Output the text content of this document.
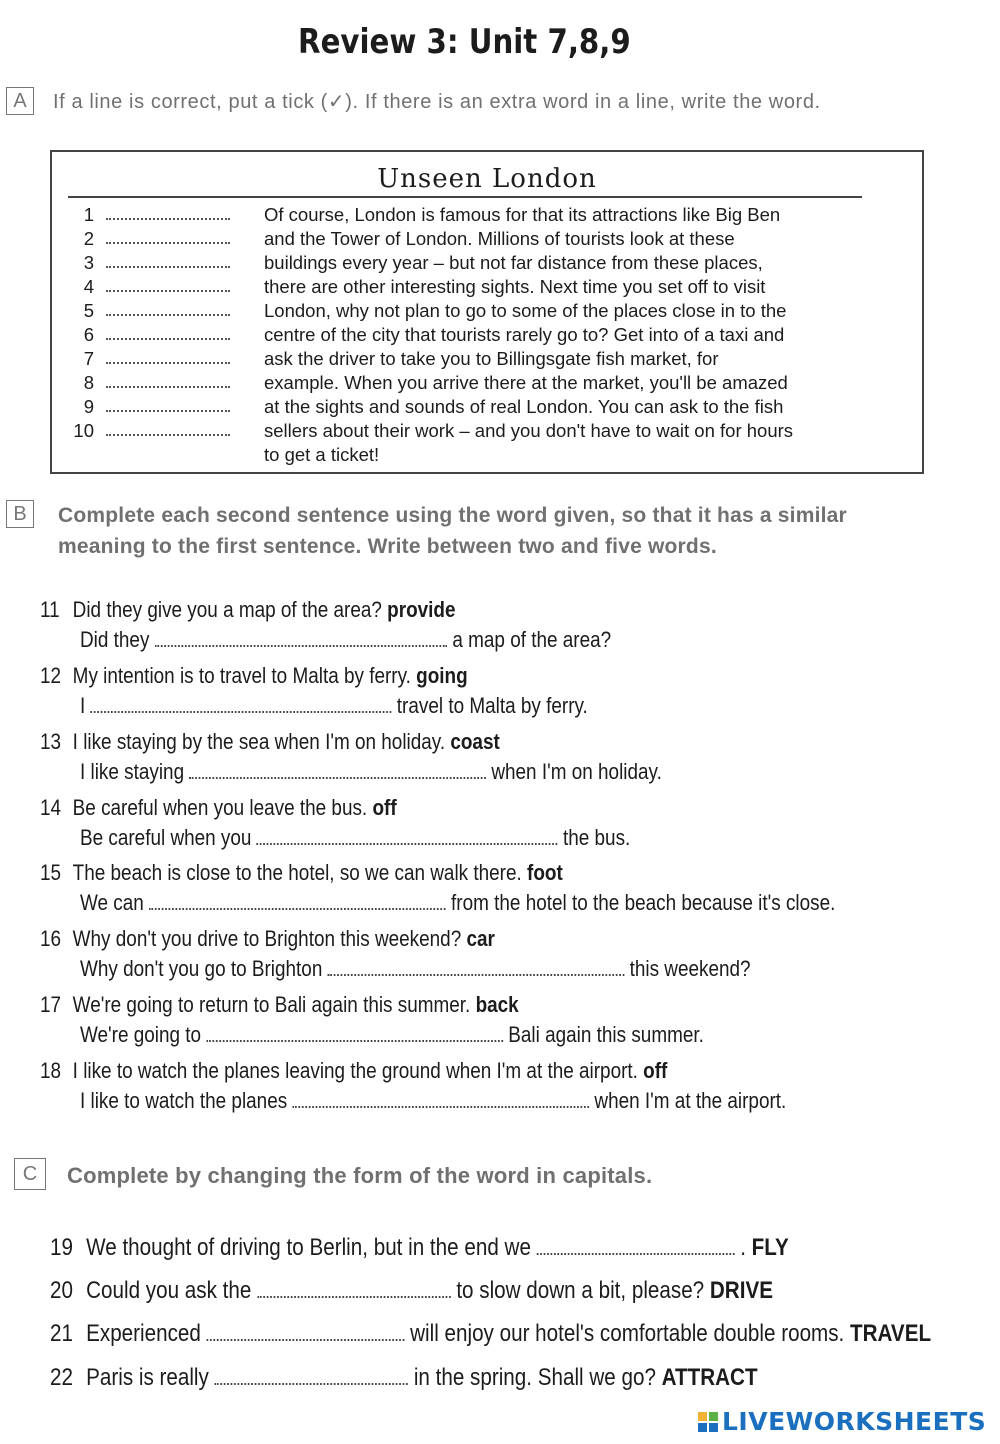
Review 3: Unit 7,8,9
A	If a line is correct, put a tick (✓). If there is an extra word in a line, write the word.
Unseen London
1	Of course, London is famous for that its attractions like Big Ben
2	and the Tower of London. Millions of tourists look at these
3	buildings every year – but not far distance from these places,
4	there are other interesting sights. Next time you set off to visit
5	London, why not plan to go to some of the places close in to the
6	centre of the city that tourists rarely go to? Get into of a taxi and
7	ask the driver to take you to Billingsgate fish market, for
8	example. When you arrive there at the market, you'll be amazed
9	at the sights and sounds of real London. You can ask to the fish
10	sellers about their work – and you don't have to wait on for hours
to get a ticket!
B	Complete each second sentence using the word given, so that it has a similar
meaning to the first sentence. Write between two and five words.
11 Did they give you a map of the area? provide
Did they	a map of the area?
12 My intention is to travel to Malta by ferry. going
I	travel to Malta by ferry.
13 I like staying by the sea when I'm on holiday. coast
I like staying	when I'm on holiday.
14 Be careful when you leave the bus. off
Be careful when you	the bus.
15 The beach is close to the hotel, so we can walk there. foot
We can	from the hotel to the beach because it's close.
16 Why don't you drive to Brighton this weekend? car
Why don't you go to Brighton	this weekend?
17 We're going to return to Bali again this summer. back
We're going to	Bali again this summer.
18 I like to watch the planes leaving the ground when I'm at the airport. off
I like to watch the planes	when I'm at the airport.
C	Complete by changing the form of the word in capitals.
19 We thought of driving to Berlin, but in the end we	. FLY
20 Could you ask the	to slow down a bit, please? DRIVE
21 Experienced	will enjoy our hotel's comfortable double rooms. TRAVEL
22 Paris is really	in the spring. Shall we go? ATTRACT
LIVEWORKSHEETS
